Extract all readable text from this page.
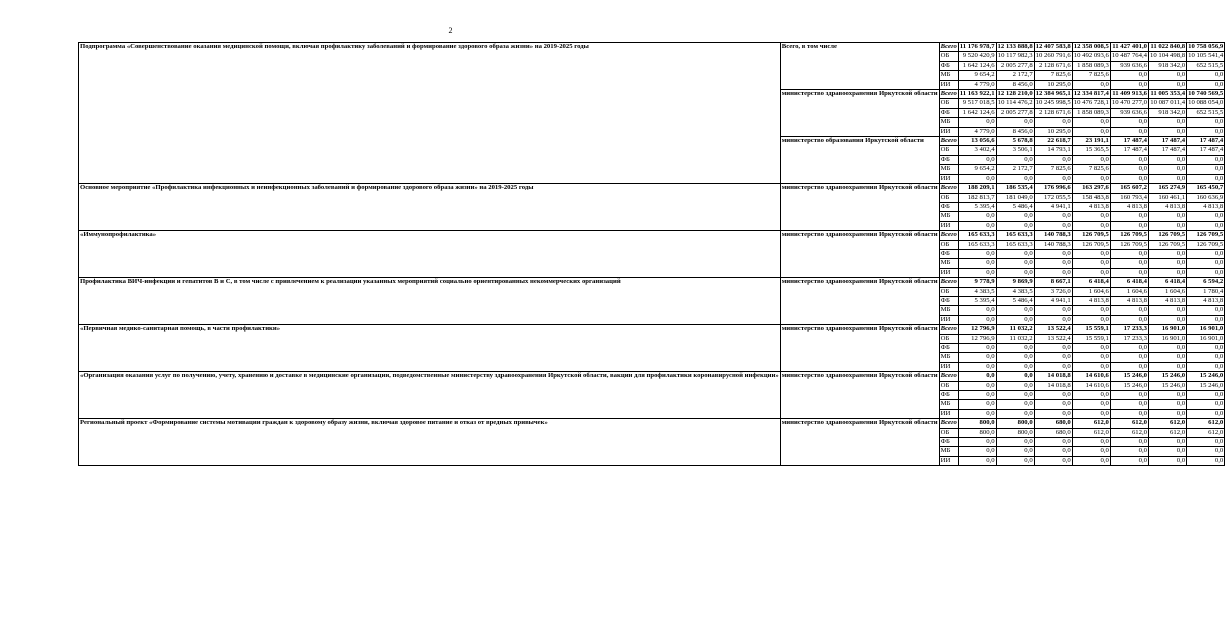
2
Подпрограмма «Совершенствование оказания медицинской помощи, включая профилактику заболеваний и формирование здорового образа жизни» на 2019-2025 годы	Всего, в том числе	Всего	11 176 978,7	12 133 888,8	12 407 583,8	12 358 008,5	11 427 401,0	11 022 840,8	10 758 056,9
		ОБ	9 520 420,9	10 117 982,3	10 260 791,6	10 492 093,6	10 487 764,4	10 104 498,8	10 105 541,4
		ФБ	1 642 124,6	2 005 277,8	2 128 671,6	1 858 089,3	939 636,6	918 342,0	652 515,5
		МБ	9 654,2	2 172,7	7 825,6	7 825,6	0,0	0,0	0,0
		ИИ	4 779,0	8 456,0	10 295,0	0,0	0,0	0,0	0,0
	министерство здравоохранения Иркутской области	Всего	11 163 922,1	12 128 210,0	12 384 965,1	12 334 817,4	11 409 913,6	11 005 353,4	10 740 569,5
		ОБ	9 517 018,5	10 114 476,2	10 245 998,5	10 476 728,1	10 470 277,0	10 087 011,4	10 088 054,0
		ФБ	1 642 124,6	2 005 277,8	2 128 671,6	1 858 089,3	939 636,6	918 342,0	652 515,5
		МБ	0,0	0,0	0,0	0,0	0,0	0,0	0,0
		ИИ	4 779,0	8 456,0	10 295,0	0,0	0,0	0,0	0,0
	министерство образования Иркутской области	Всего	13 056,6	5 678,8	22 618,7	23 191,1	17 487,4	17 487,4	17 487,4
		ОБ	3 402,4	3 506,1	14 793,1	15 365,5	17 487,4	17 487,4	17 487,4
		ФБ	0,0	0,0	0,0	0,0	0,0	0,0	0,0
		МБ	9 654,2	2 172,7	7 825,6	7 825,6	0,0	0,0	0,0
		ИИ	0,0	0,0	0,0	0,0	0,0	0,0	0,0
Основное мероприятие «Профилактика инфекционных и неинфекционных заболеваний и формирование здорового образа жизни» на 2019-2025 годы	министерство здравоохранения Иркутской области	Всего	188 209,1	186 535,4	176 996,6	163 297,6	165 607,2	165 274,9	165 450,7
		ОБ	182 813,7	181 049,0	172 055,5	158 483,8	160 793,4	160 461,1	160 636,9
		ФБ	5 395,4	5 486,4	4 941,1	4 813,8	4 813,8	4 813,8	4 813,8
		МБ	0,0	0,0	0,0	0,0	0,0	0,0	0,0
		ИИ	0,0	0,0	0,0	0,0	0,0	0,0	0,0
«Иммунопрофилактика»	министерство здравоохранения Иркутской области	Всего	165 633,3	165 633,3	140 788,3	126 709,5	126 709,5	126 709,5	126 709,5
		ОБ	165 633,3	165 633,3	140 788,3	126 709,5	126 709,5	126 709,5	126 709,5
		ФБ	0,0	0,0	0,0	0,0	0,0	0,0	0,0
		МБ	0,0	0,0	0,0	0,0	0,0	0,0	0,0
		ИИ	0,0	0,0	0,0	0,0	0,0	0,0	0,0
Профилактика ВИЧ-инфекции и гепатитов В и С, в том числе с привлечением к реализации указанных мероприятий социально ориентированных некоммерческих организаций	министерство здравоохранения Иркутской области	Всего	9 778,9	9 869,9	8 667,1	6 418,4	6 418,4	6 418,4	6 594,2
		ОБ	4 383,5	4 383,5	3 726,0	1 604,6	1 604,6	1 604,6	1 780,4
		ФБ	5 395,4	5 486,4	4 941,1	4 813,8	4 813,8	4 813,8	4 813,8
		МБ	0,0	0,0	0,0	0,0	0,0	0,0	0,0
		ИИ	0,0	0,0	0,0	0,0	0,0	0,0	0,0
«Первичная медико-санитарная помощь, в части профилактики»	министерство здравоохранения Иркутской области	Всего	12 796,9	11 032,2	13 522,4	15 559,1	17 233,3	16 901,0	16 901,0
		ОБ	12 796,9	11 032,2	13 522,4	15 559,1	17 233,3	16 901,0	16 901,0
		ФБ	0,0	0,0	0,0	0,0	0,0	0,0	0,0
		МБ	0,0	0,0	0,0	0,0	0,0	0,0	0,0
		ИИ	0,0	0,0	0,0	0,0	0,0	0,0	0,0
«Организация оказания услуг по получению, учету, хранению и доставке в медицинские организации, подведомственные министерству здравоохранения Иркутской области, вакцин для профилактики коронавирусной инфекции»	министерство здравоохранения Иркутской области	Всего	0,0	0,0	14 018,8	14 610,6	15 246,0	15 246,0	15 246,0
		ОБ	0,0	0,0	14 018,8	14 610,6	15 246,0	15 246,0	15 246,0
		ФБ	0,0	0,0	0,0	0,0	0,0	0,0	0,0
		МБ	0,0	0,0	0,0	0,0	0,0	0,0	0,0
		ИИ	0,0	0,0	0,0	0,0	0,0	0,0	0,0
Региональный проект «Формирование системы мотивации граждан к здоровому образу жизни, включая здоровое питание и отказ от вредных привычек»	министерство здравоохранения Иркутской области	Всего	800,0	800,0	680,0	612,0	612,0	612,0	612,0
		ОБ	800,0	800,0	680,0	612,0	612,0	612,0	612,0
		ФБ	0,0	0,0	0,0	0,0	0,0	0,0	0,0
		МБ	0,0	0,0	0,0	0,0	0,0	0,0	0,0
		ИИ	0,0	0,0	0,0	0,0	0,0	0,0	0,0
